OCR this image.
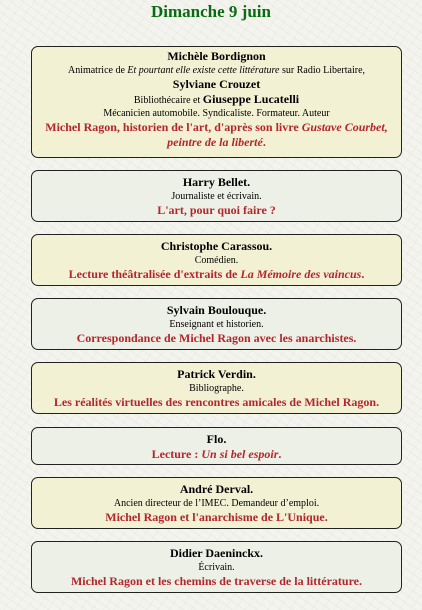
Dimanche 9 juin
Michèle Bordignon
Animatrice de Et pourtant elle existe cette littérature sur Radio Libertaire,
Sylviane Crouzet
Bibliothécaire et Giuseppe Lucatelli
Mécanicien automobile. Syndicaliste. Formateur. Auteur
Michel Ragon, historien de l'art, d'après son livre Gustave Courbet, peintre de la liberté.
Harry Bellet.
Journaliste et écrivain.
L'art, pour quoi faire ?
Christophe Carassou.
Comédien.
Lecture théâtralisée d'extraits de La Mémoire des vaincus.
Sylvain Boulouque.
Enseignant et historien.
Correspondance de Michel Ragon avec les anarchistes.
Patrick Verdin.
Bibliographe.
Les réalités virtuelles des rencontres amicales de Michel Ragon.
Flo.
Lecture : Un si bel espoir.
André Derval.
Ancien directeur de l’IMEC. Demandeur d’emploi.
Michel Ragon et l'anarchisme de L'Unique.
Didier Daeninckx.
Écrivain.
Michel Ragon et les chemins de traverse de la littérature.
